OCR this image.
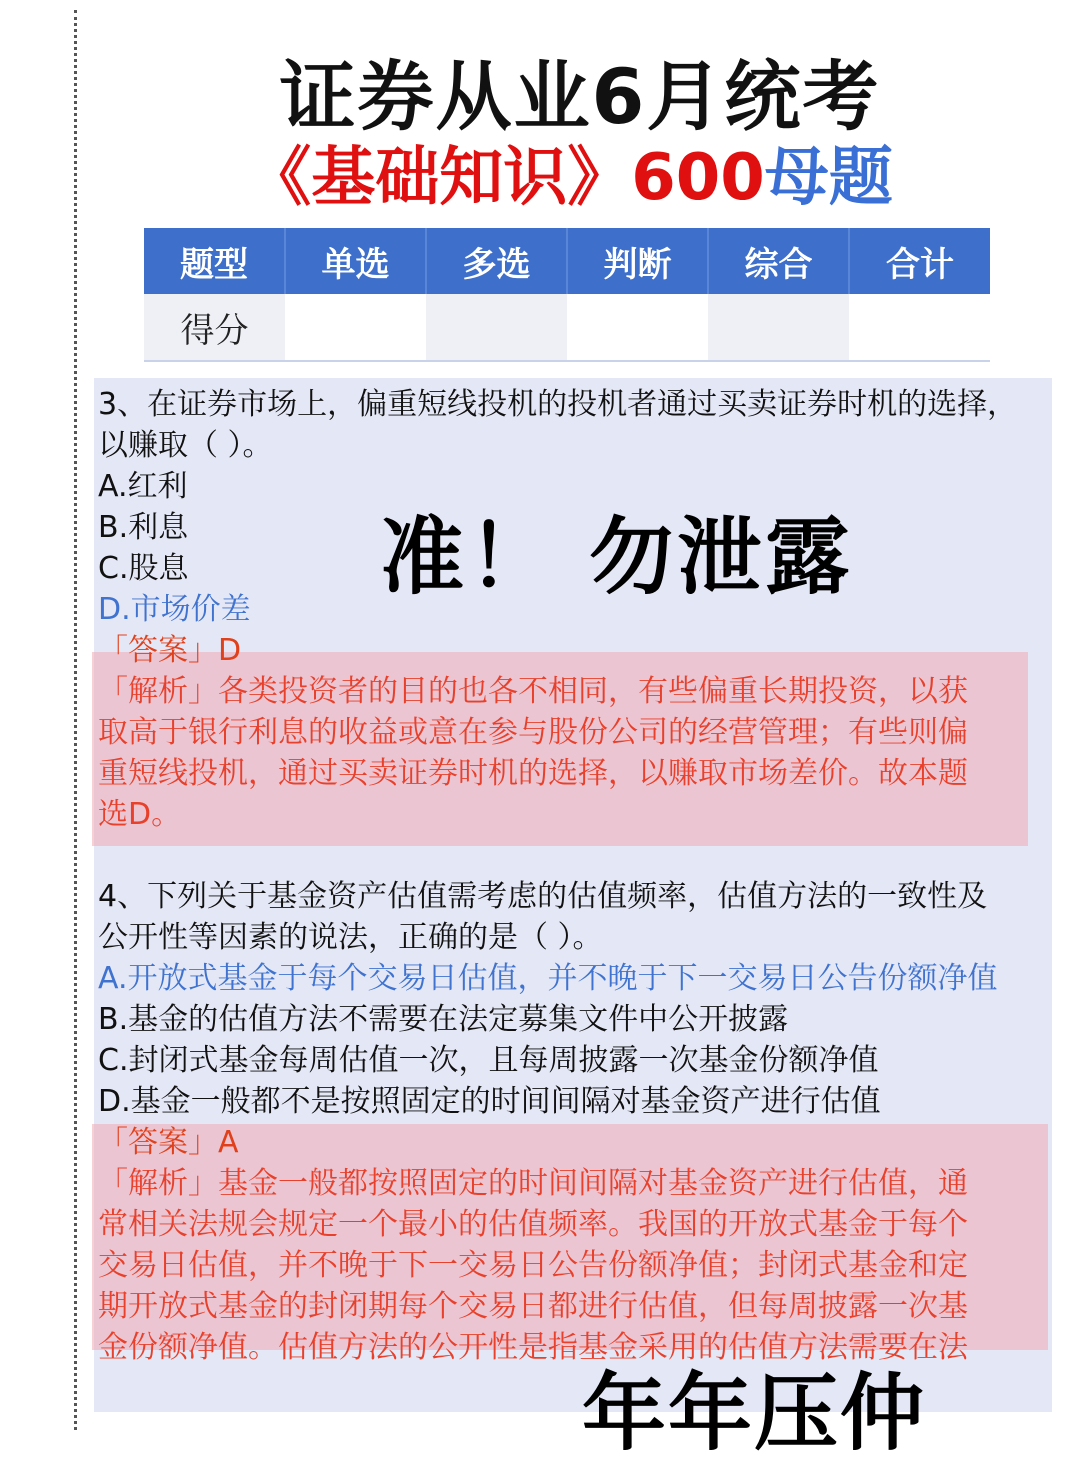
证券从业6月统考
《基础知识》600母题
题型	单选	多选	判断	综合	合计
得分					
3、在证券市场上，偏重短线投机的投机者通过买卖证券时机的选择，
以赚取（ ）。
A.红利
B.利息
C.股息
D.市场价差
「答案」D
「解析」各类投资者的目的也各不相同，有些偏重长期投资，以获
取高于银行利息的收益或意在参与股份公司的经营管理；有些则偏
重短线投机，通过买卖证券时机的选择，以赚取市场差价。故本题
选D。
4、下列关于基金资产估值需考虑的估值频率，估值方法的一致性及
公开性等因素的说法，正确的是（ ）。
A.开放式基金于每个交易日估值，并不晚于下一交易日公告份额净值
B.基金的估值方法不需要在法定募集文件中公开披露
C.封闭式基金每周估值一次，且每周披露一次基金份额净值
D.基金一般都不是按照固定的时间间隔对基金资产进行估值
「答案」A
「解析」基金一般都按照固定的时间间隔对基金资产进行估值，通
常相关法规会规定一个最小的估值频率。我国的开放式基金于每个
交易日估值，并不晚于下一交易日公告份额净值；封闭式基金和定
期开放式基金的封闭期每个交易日都进行估值，但每周披露一次基
金份额净值。估值方法的公开性是指基金采用的估值方法需要在法
准！ 勿泄露
年年压仲
